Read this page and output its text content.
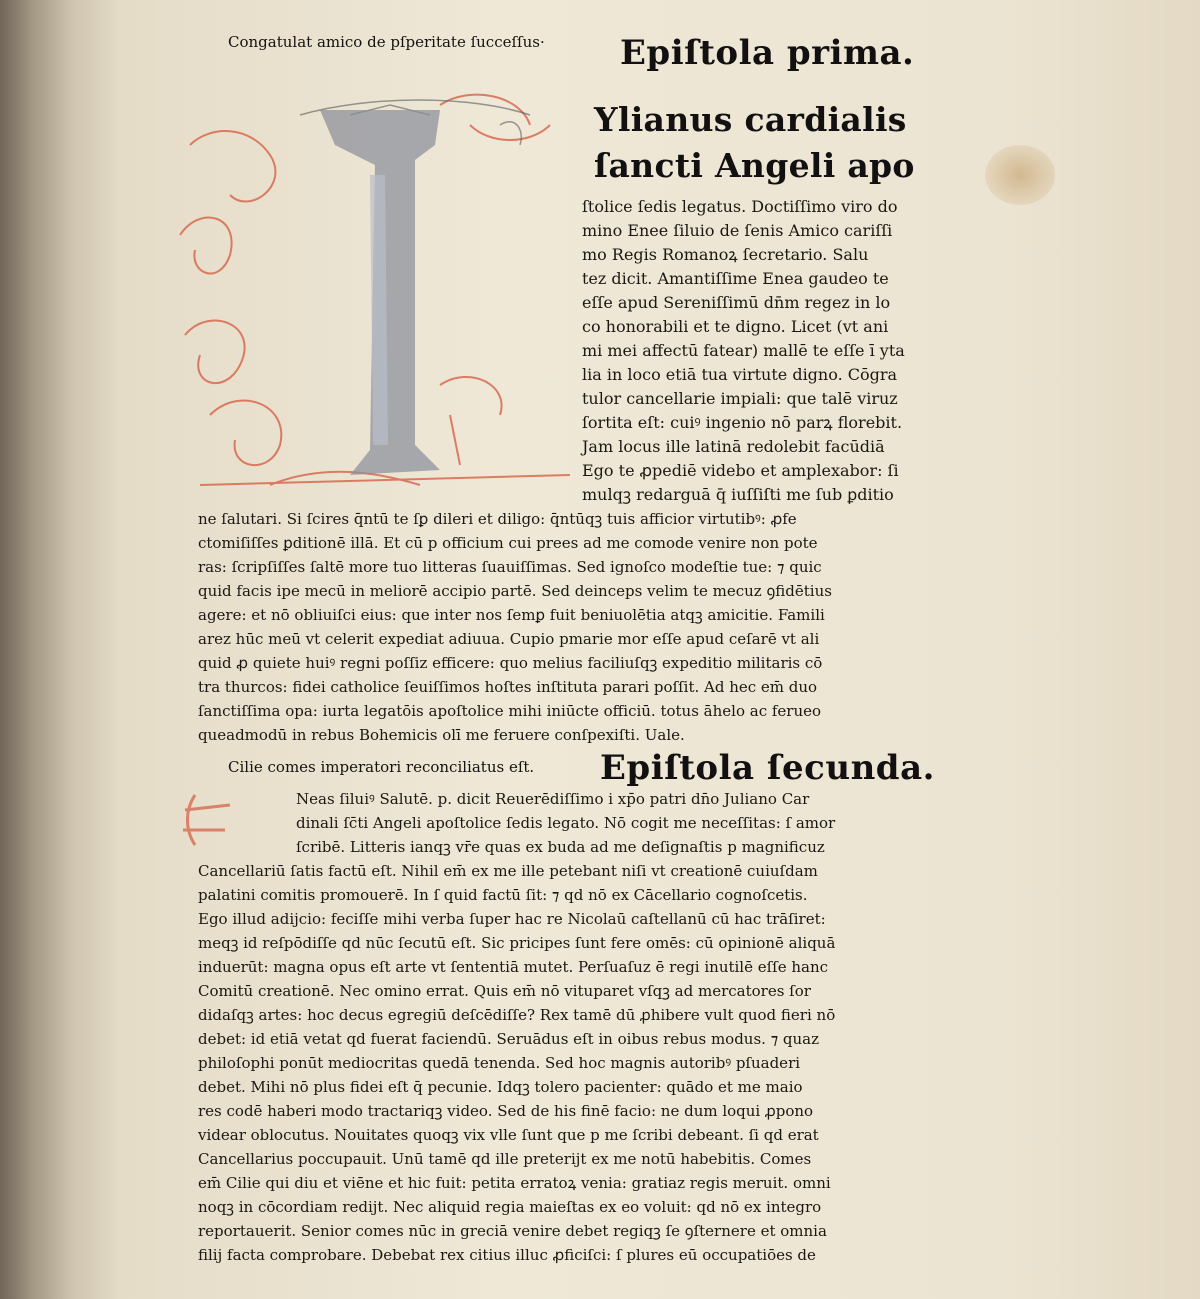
Congatulat amico de pſperitate ſucceſſus· Epiſtola prima.
Ylianus cardialis
ſancti Angeli apo
ſtolice ſedis legatus. Doctiſſimo viro do
mino Enee ſiluio de ſenis Amico cariſſi
mo Regis Romanoꝝ ſecretario. Salu
tez dicit. Amantiſſime Enea gaudeo te
eſſe apud Sereniſſimū dn̄m regez in lo
co honorabili et te digno. Licet (vt ani
mi mei affectū fatear) mallē te eſſe ī yta
lia in loco etiā tua virtute digno. Cōgra
tulor cancellarie impiali: que talē viruz
ſortita eſt: cuiꝰ ingenio nō parꝝ florebit.
Jam locus ille latinā redolebit facūdiā
Ego te ꝓpediē videbo et amplexabor: ſi
mulqꝫ redarguā q̄ iuſſiſti me ſub ꝑditio
ne ſalutari. Si ſcires q̄ntū te ſꝑ dileri et diligo: q̄ntūqꝫ tuis afficior virtutibꝰ: ꝓfe
ctomiſiſſes ꝑditionē illā. Et cū p officium cui prees ad me comode venire non pote
ras: ſcripſiſſes ſaltē more tuo litteras ſuauiſſimas. Sed ignoſco modeſtie tue: ⁊ quic
quid facis ipe mecū in meliorē accipio partē. Sed deinceps velim te mecuz ꝯfidētius
agere: et nō obliuiſci eius: que inter nos ſemꝑ fuit beniuolētia atqꝫ amicitie. Famili
arez hūc meū vt celerit expediat adiuua. Cupio pmarie mor eſſe apud ceſarē vt ali
quid ꝓ quiete huiꝰ regni poſſiz efficere: quo melius faciliuſqꝫ expeditio militaris cō
tra thurcos: fidei catholice ſeuiſſimos hoſtes inſtituta parari poſſit. Ad hec em̄ duo
ſanctiſſima opa: iurta legatōis apoſtolice mihi iniūcte officiū. totus āhelo ac ferueo
queadmodū in rebus Bohemicis olī me feruere conſpexiſti. Uale.
Cilie comes imperatori reconciliatus eſt. Epiſtola ſecunda.
Neas ſiluiꝰ Salutē. p. dicit Reuerēdiſſimo i xp̄o patri dn̄o Juliano Car
dinali ſc̄ti Angeli apoſtolice ſedis legato. Nō cogit me neceſſitas: ſ amor
ſcribē. Litteris ianqꝫ vr̄e quas ex buda ad me deſignaſtis p magnificuz
Cancellariū ſatis factū eſt. Nihil em̄ ex me ille petebant niſi vt creationē cuiuſdam
palatini comitis promouerē. In ſ quid factū ſit: ⁊ qd nō ex Cācellario cognoſcetis.
Ego illud adijcio: feciſſe mihi verba ſuper hac re Nicolaū caſtellanū cū hac trāſiret:
meqꝫ id reſpōdiſſe qd nūc ſecutū eſt. Sic pricipes ſunt fere omēs: cū opinionē aliquā
induerūt: magna opus eſt arte vt ſententiā mutet. Perſuaſuz ē regi inutilē eſſe hanc
Comitū creationē. Nec omino errat. Quis em̄ nō vituparet vſqꝫ ad mercatores ſor
didaſqꝫ artes: hoc decus egregiū deſcēdiſſe? Rex tamē dū ꝓhibere vult quod fieri nō
debet: id etiā vetat qd fuerat faciendū. Seruādus eſt in oibus rebus modus. ⁊ quaz
philoſophi ponūt mediocritas quedā tenenda. Sed hoc magnis autoribꝰ pſuaderi
debet. Mihi nō plus fidei eſt q̄ pecunie. Idqꝫ tolero pacienter: quādo et me maio
res codē haberi modo tractariqꝫ video. Sed de his finē facio: ne dum loqui ꝓpono
videar oblocutus. Nouitates quoqꝫ vix vlle ſunt que p me ſcribi debeant. ſi qd erat
Cancellarius poccupauit. Unū tamē qd ille preterijt ex me notū habebitis. Comes
em̄ Cilie qui diu et viēne et hic fuit: petita erratoꝝ venia: gratiaz regis meruit. omni
noqꝫ in cōcordiam redijt. Nec aliquid regia maieſtas ex eo voluit: qd nō ex integro
reportauerit. Senior comes nūc in greciā venire debet regiqꝫ ſe ꝯſternere et omnia
filij facta comprobare. Debebat rex citius illuc ꝓficiſci: ſ plures eū occupatiōes de
